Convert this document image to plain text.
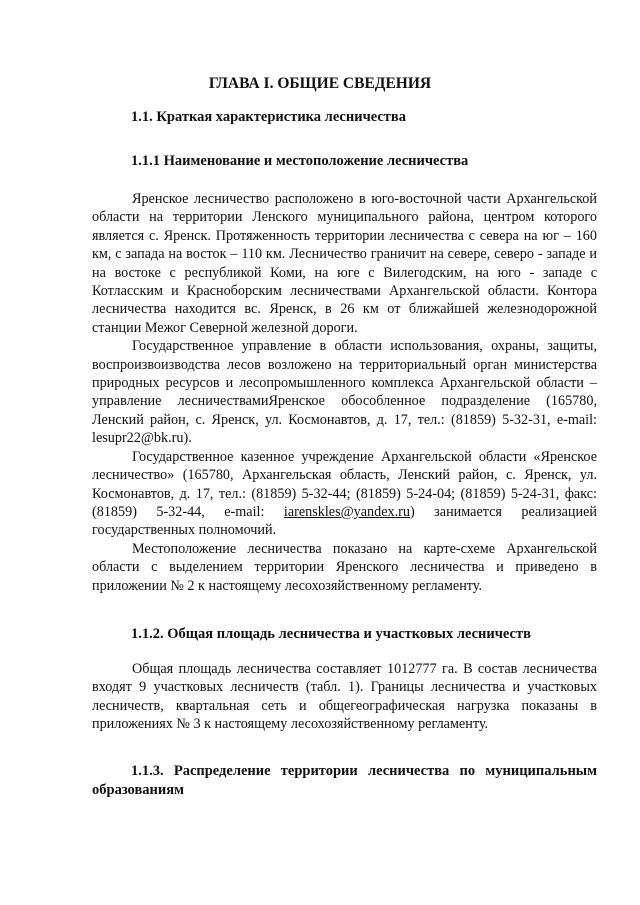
ГЛАВА I. ОБЩИЕ СВЕДЕНИЯ
1.1. Краткая характеристика лесничества
1.1.1 Наименование и местоположение лесничества

Яренское лесничество расположено в юго-восточной части Архангельской области на территории Ленского муниципального района, центром которого является с. Яренск. Протяженность территории лесничества с севера на юг – 160 км, с запада на восток – 110 км. Лесничество граничит на севере, северо - западе и на востоке с республикой Коми, на юге с Вилегодским, на юго - западе с Котласским и Красноборским лесничествами Архангельской области. Контора лесничества находится вс. Яренск, в 26 км от ближайшей железнодорожной станции Межог Северной железной дороги.

Государственное управление в области использования, охраны, защиты, воспроизвоизводства лесов возложено на территориальный орган министерства природных ресурсов и лесопромышленного комплекса Архангельской области – управление лесничествамиЯренское обособленное подразделение (165780, Ленский район, с. Яренск, ул. Космонавтов, д. 17, тел.: (81859) 5-32-31, e-mail: lesupr22@bk.ru).

Государственное казенное учреждение Архангельской области «Яренское лесничество» (165780, Архангельская область, Ленский район, с. Яренск, ул. Космонавтов, д. 17, тел.: (81859) 5-32-44; (81859) 5-24-04; (81859) 5-24-31, факс: (81859) 5-32-44, e-mail: iarenskles@yandex.ru) занимается реализацией государственных полномочий.

Местоположение лесничества показано на карте-схеме Архангельской области с выделением территории Яренского лесничества и приведено в приложении № 2 к настоящему лесохозяйственному регламенту.

1.1.2. Общая площадь лесничества и участковых лесничеств

Общая площадь лесничества составляет 1012777 га. В состав лесничества входят 9 участковых лесничеств (табл. 1). Границы лесничества и участковых лесничеств, квартальная сеть и общегеографическая нагрузка показаны в приложениях № 3 к настоящему лесохозяйственному регламенту.

1.1.3. Распределение территории лесничества по муниципальным образованиям
